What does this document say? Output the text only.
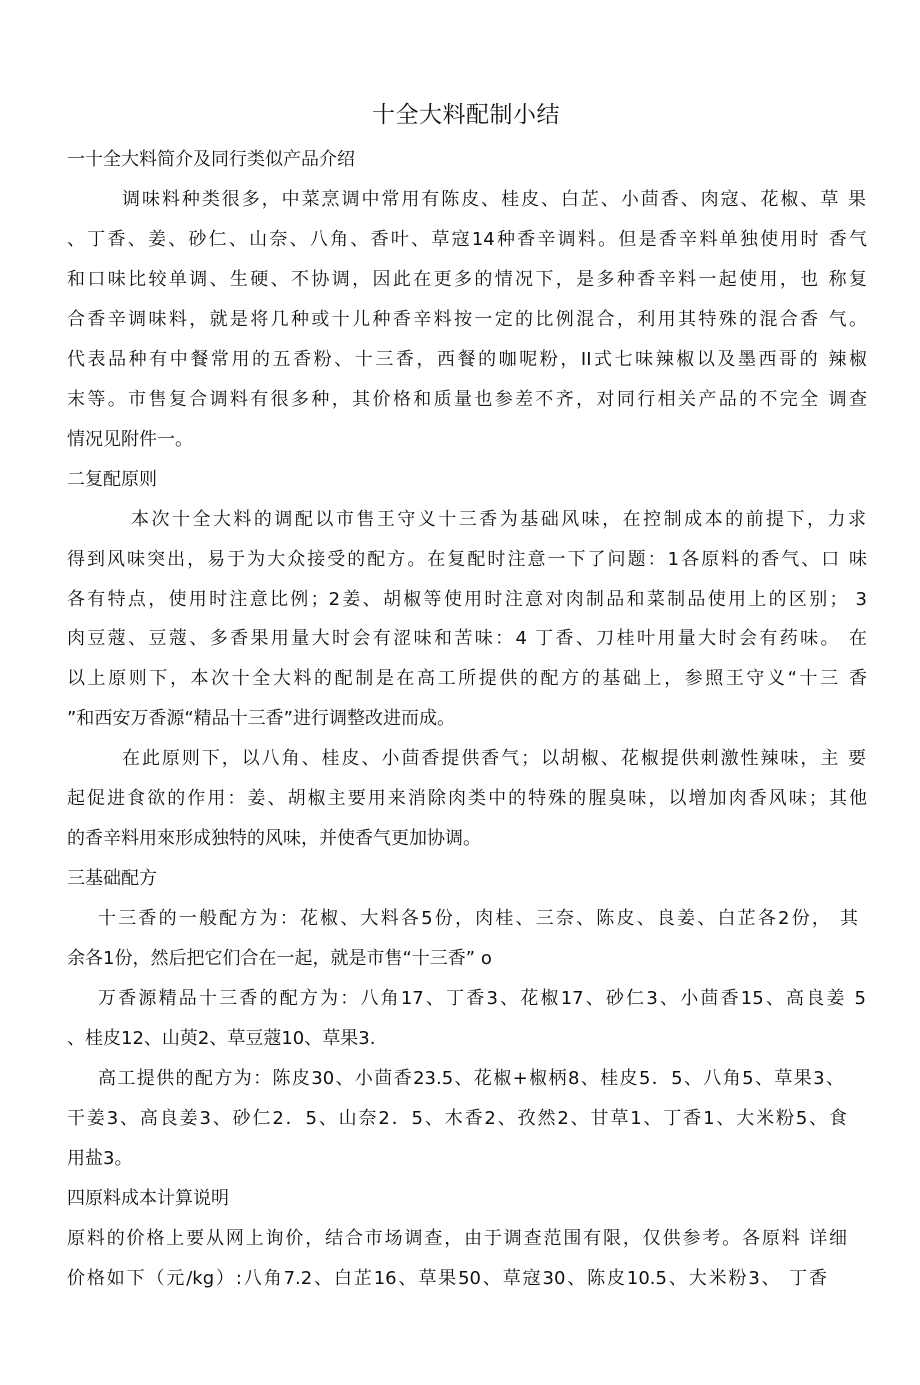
十全大料配制小结
一十全大料简介及同行类似产品介绍
调味料种类很多，中菜烹调中常用有陈皮、桂皮、白芷、小茴香、肉寇、花椒、草 果
、丁香、姜、砂仁、山奈、八角、香叶、草寇14种香辛调料。但是香辛料单独使用时 香气
和口味比较单调、生硬、不协调，因此在更多的情况下，是多种香辛料一起使用，也 称复
合香辛调味料，就是将几种或十儿种香辛料按一定的比例混合，利用其特殊的混合香 气。
代表品种有中餐常用的五香粉、十三香，西餐的咖呢粉，II式七味辣椒以及墨西哥的 辣椒
末等。市售复合调料有很多种，其价格和质量也参差不齐，对同行相关产品的不完全 调查
情况见附件一。
二复配原则
本次十全大料的调配以市售王守义十三香为基础风味，在控制成本的前提下，力求
得到风味突出，易于为大众接受的配方。在复配时注意一下了问题：1各原料的香气、口 味
各有特点，使用时注意比例；2姜、胡椒等使用时注意对肉制品和菜制品使用上的区别； 3
肉豆蔻、豆蔻、多香果用量大时会有涩味和苦味：4 丁香、刀桂叶用量大时会有药味。 在
以上原则下，本次十全大料的配制是在高工所提供的配方的基础上，参照王守义“十三 香
”和西安万香源“精品十三香”进行调整改进而成。
在此原则下，以八角、桂皮、小茴香提供香气；以胡椒、花椒提供刺激性辣味，主 要
起促进食欲的作用：姜、胡椒主要用来消除肉类中的特殊的腥臭味，以增加肉香风味；其他
的香辛料用來形成独特的风味，并使香气更加协调。
三基础配方
十三香的一般配方为：花椒、大料各5份，肉桂、三奈、陈皮、良姜、白芷各2份， 其
余各1份，然后把它们合在一起，就是市售“十三香” o
万香源精品十三香的配方为：八角17、丁香3、花椒17、砂仁3、小茴香15、高良姜 5
、桂皮12、山萸2、草豆蔻10、草果3.
高工提供的配方为：陈皮30、小茴香23.5、花椒+椒柄8、桂皮5．5、八角5、草果3、
干姜3、高良姜3、砂仁2．5、山奈2．5、木香2、孜然2、甘草1、丁香1、大米粉5、食
用盐3。
四原料成本计算说明
原料的价格上要从网上询价，结合市场调查，由于调查范围有限，仅供参考。各原料 详细
价格如下（元/kg）:八角7.2、白芷16、草果50、草寇30、陈皮10.5、大米粉3、 丁香
